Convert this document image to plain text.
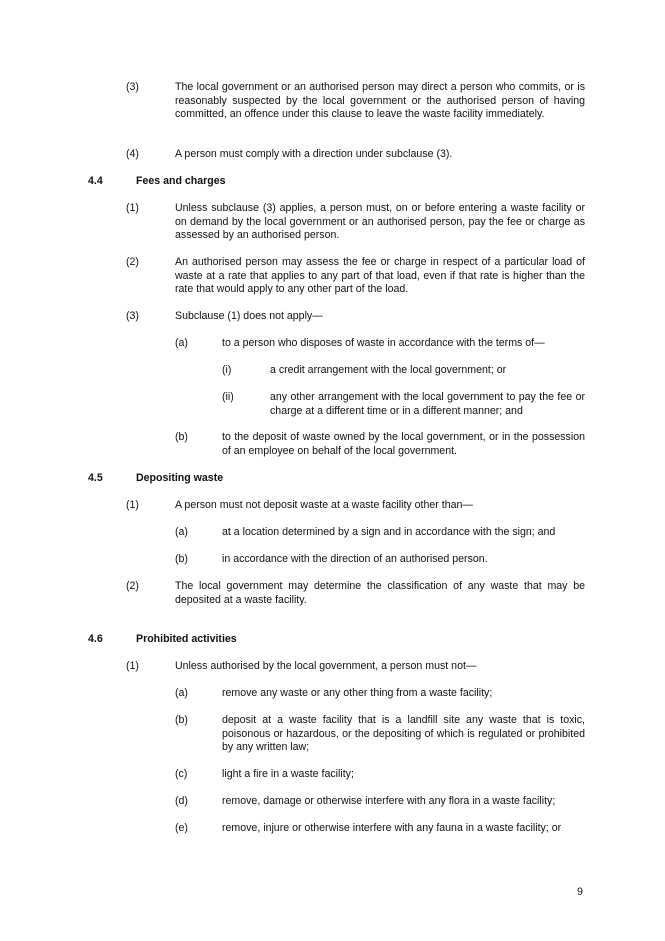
(3)	The local government or an authorised person may direct a person who commits, or is reasonably suspected by the local government or the authorised person of having committed, an offence under this clause to leave the waste facility immediately.
(4)	A person must comply with a direction under subclause (3).
4.4	Fees and charges
(1)	Unless subclause (3) applies, a person must, on or before entering a waste facility or on demand by the local government or an authorised person, pay the fee or charge as assessed by an authorised person.
(2)	An authorised person may assess the fee or charge in respect of a particular load of waste at a rate that applies to any part of that load, even if that rate is higher than the rate that would apply to any other part of the load.
(3)	Subclause (1) does not apply—
(a)	to a person who disposes of waste in accordance with the terms of—
(i)	a credit arrangement with the local government; or
(ii)	any other arrangement with the local government to pay the fee or charge at a different time or in a different manner; and
(b)	to the deposit of waste owned by the local government, or in the possession of an employee on behalf of the local government.
4.5	Depositing waste
(1)	A person must not deposit waste at a waste facility other than—
(a)	at a location determined by a sign and in accordance with the sign; and
(b)	in accordance with the direction of an authorised person.
(2)	The local government may determine the classification of any waste that may be deposited at a waste facility.
4.6	Prohibited activities
(1)	Unless authorised by the local government, a person must not—
(a)	remove any waste or any other thing from a waste facility;
(b)	deposit at a waste facility that is a landfill site any waste that is toxic, poisonous or hazardous, or the depositing of which is regulated or prohibited by any written law;
(c)	light a fire in a waste facility;
(d)	remove, damage or otherwise interfere with any flora in a waste facility;
(e)	remove, injure or otherwise interfere with any fauna in a waste facility; or
9
